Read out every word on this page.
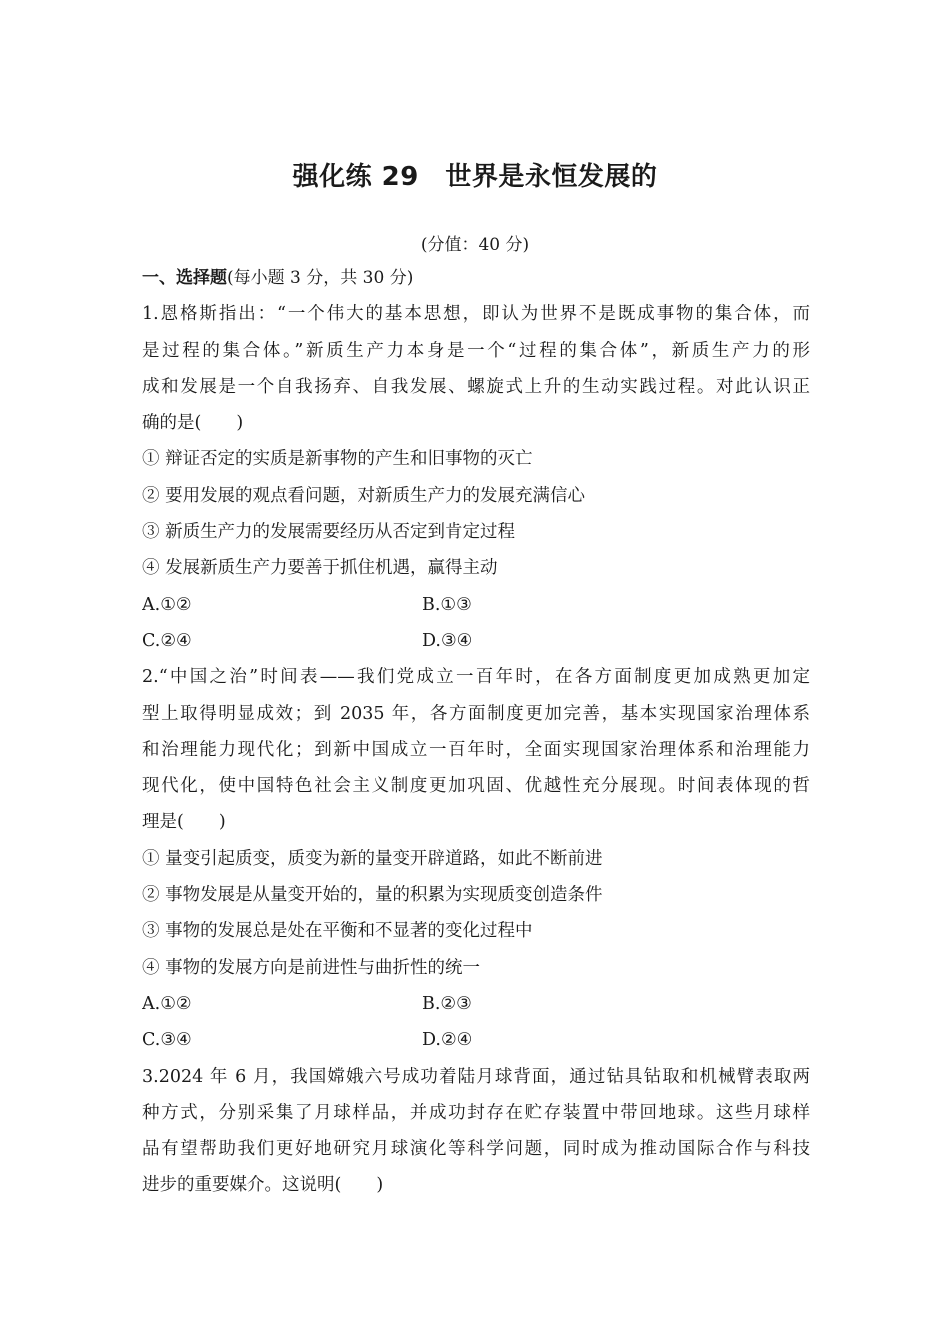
强化练 29　世界是永恒发展的
(分值：40 分)
一、选择题(每小题 3 分，共 30 分)
1.恩格斯指出：“一个伟大的基本思想，即认为世界不是既成事物的集合体，而
是过程的集合体。”新质生产力本身是一个“过程的集合体”，新质生产力的形
成和发展是一个自我扬弃、自我发展、螺旋式上升的生动实践过程。对此认识正
确的是(　　)
① 辩证否定的实质是新事物的产生和旧事物的灭亡
② 要用发展的观点看问题，对新质生产力的发展充满信心
③ 新质生产力的发展需要经历从否定到肯定过程
④ 发展新质生产力要善于抓住机遇，赢得主动
A.①②	B.①③
C.②④	D.③④
2.“中国之治”时间表——我们党成立一百年时，在各方面制度更加成熟更加定
型上取得明显成效；到 2035 年，各方面制度更加完善，基本实现国家治理体系
和治理能力现代化；到新中国成立一百年时，全面实现国家治理体系和治理能力
现代化，使中国特色社会主义制度更加巩固、优越性充分展现。时间表体现的哲
理是(　　)
① 量变引起质变，质变为新的量变开辟道路，如此不断前进
② 事物发展是从量变开始的，量的积累为实现质变创造条件
③ 事物的发展总是处在平衡和不显著的变化过程中
④ 事物的发展方向是前进性与曲折性的统一
A.①②	B.②③
C.③④	D.②④
3.2024 年 6 月，我国嫦娥六号成功着陆月球背面，通过钻具钻取和机械臂表取两
种方式，分别采集了月球样品，并成功封存在贮存装置中带回地球。这些月球样
品有望帮助我们更好地研究月球演化等科学问题，同时成为推动国际合作与科技
进步的重要媒介。这说明(　　)
